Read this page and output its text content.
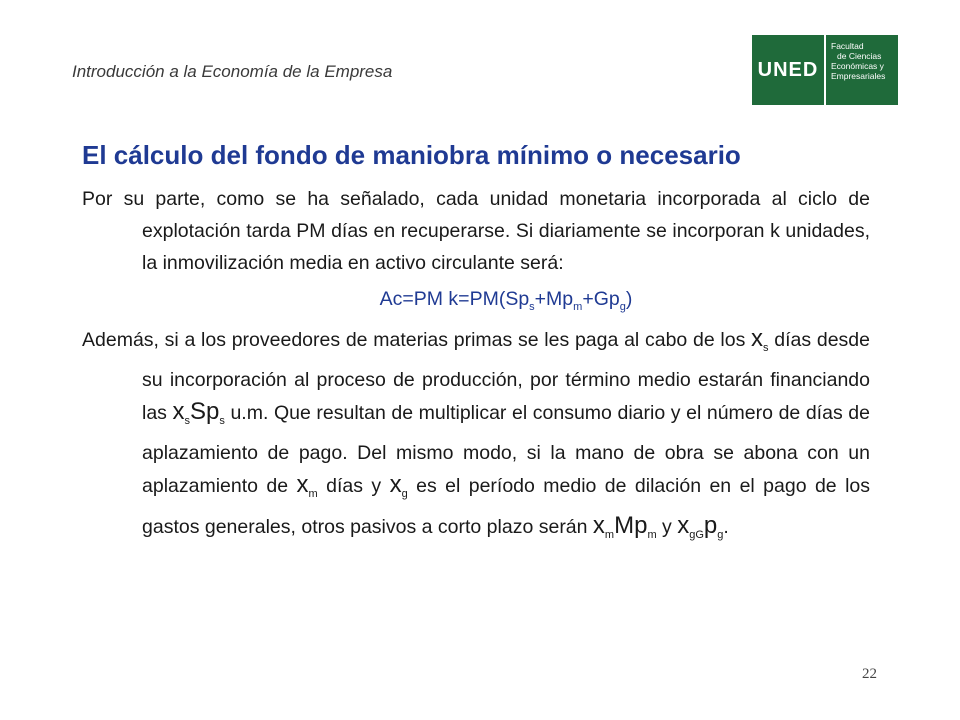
Introducción a la Economía de la Empresa	UNED
Facultad
de Ciencias
Económicas y
Empresariales
El cálculo del fondo de maniobra mínimo o necesario

Por su parte, como se ha señalado, cada unidad monetaria incorporada al ciclo de explotación tarda PM días en recuperarse. Si diariamente se incorporan k unidades, la inmovilización media en activo circulante será:

Ac=PM $k=PM(Sp_s+Mp_m+Gp_g)$

Además, si a los proveedores de materias primas se les paga al cabo de los $x_s$ días desde su incorporación al proceso de producción, por término medio estarán financiando las $x_sSp_s$ u.m. Que resultan de multiplicar el consumo diario y el número de días de aplazamiento de pago. Del mismo modo, si la mano de obra se abona con un aplazamiento de $x_m$ días y $x_g$ es el período medio de dilación en el pago de los gastos generales, otros pasivos a corto plazo serán $x_mMp_m$ y $x_{gG}p_g$.

22
